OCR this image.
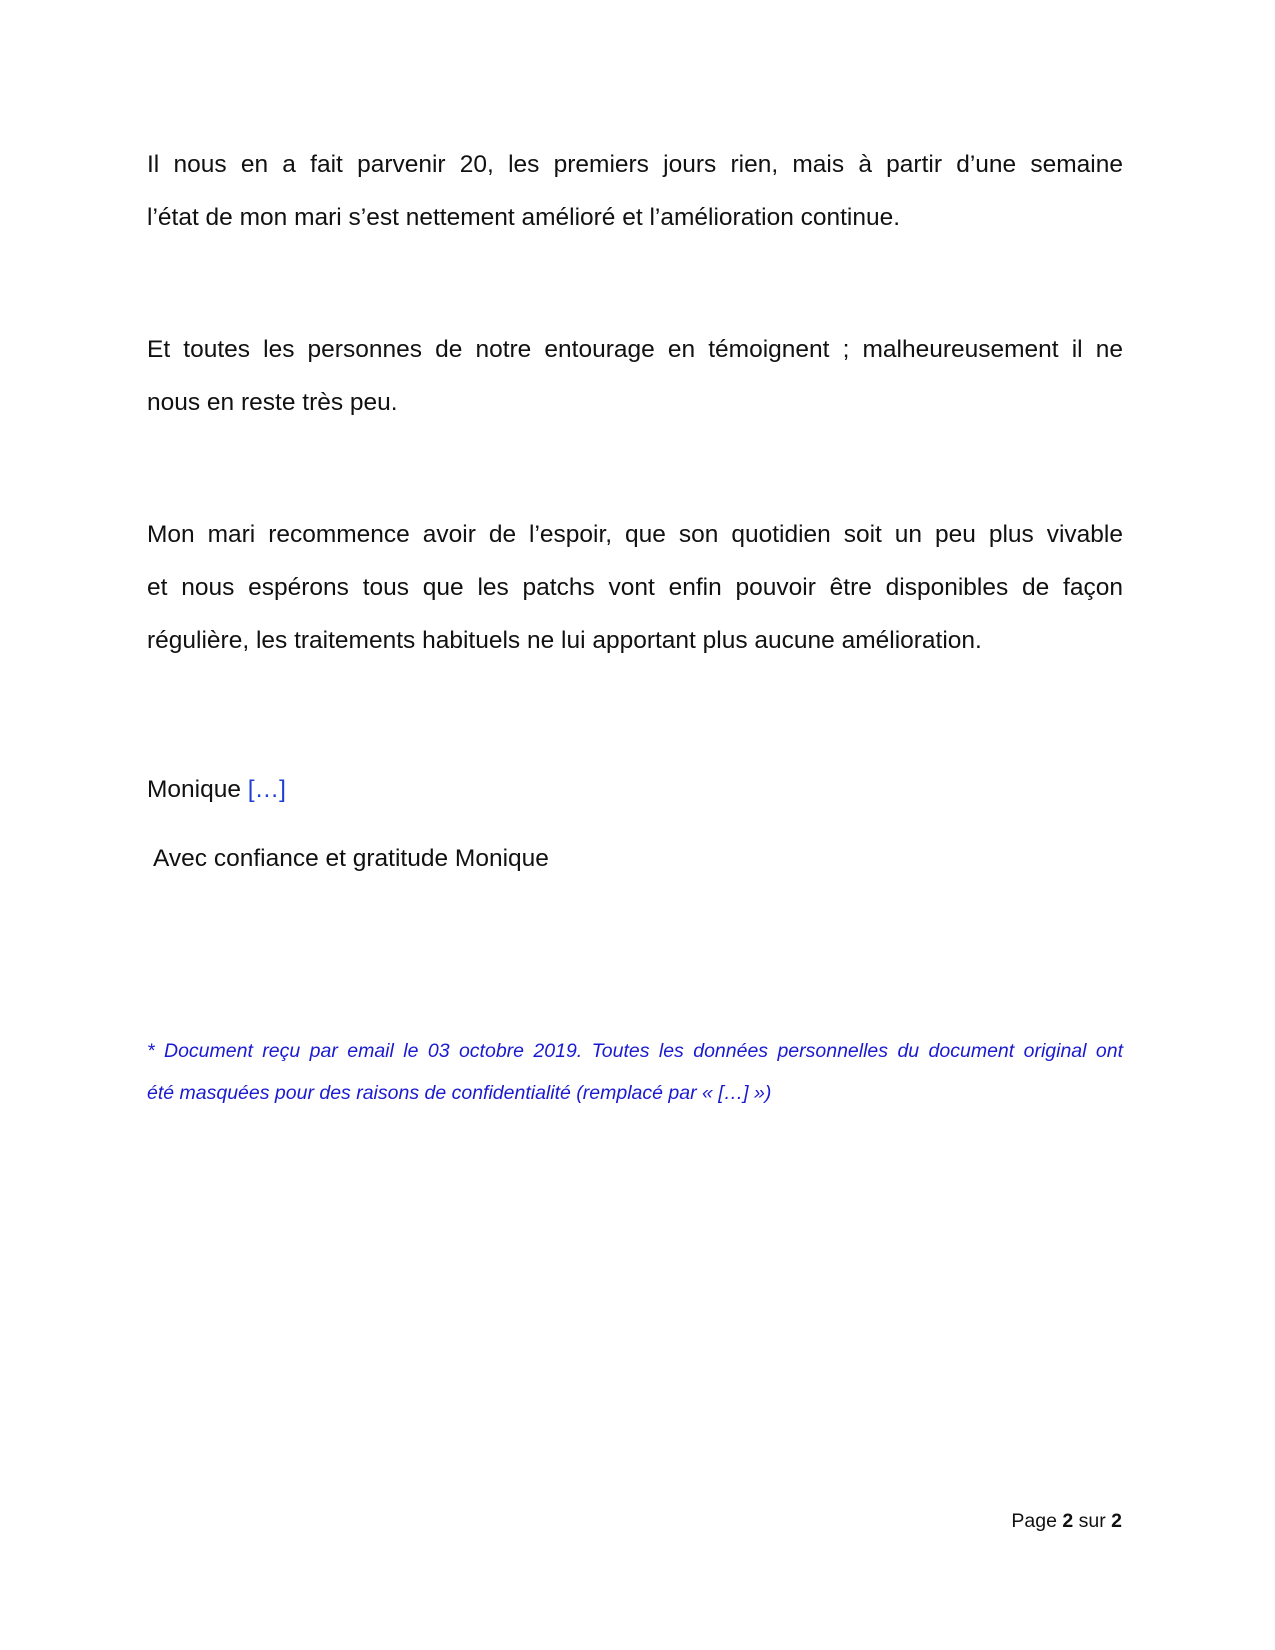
Il nous en a fait parvenir 20, les premiers jours rien, mais à partir d’une semaine
l’état de mon mari s’est nettement amélioré et l’amélioration continue.

Et toutes les personnes de notre entourage en témoignent ; malheureusement il ne
nous en reste très peu.

Mon mari recommence avoir de l’espoir, que son quotidien soit un peu plus vivable
et nous espérons tous que les patchs vont enfin pouvoir être disponibles de façon
régulière, les traitements habituels ne lui apportant plus aucune amélioration.

Monique […]

Avec confiance et gratitude Monique

* Document reçu par email le 03 octobre 2019. Toutes les données personnelles du document original ont
été masquées pour des raisons de confidentialité (remplacé par « […] »)

Page 2 sur 2
